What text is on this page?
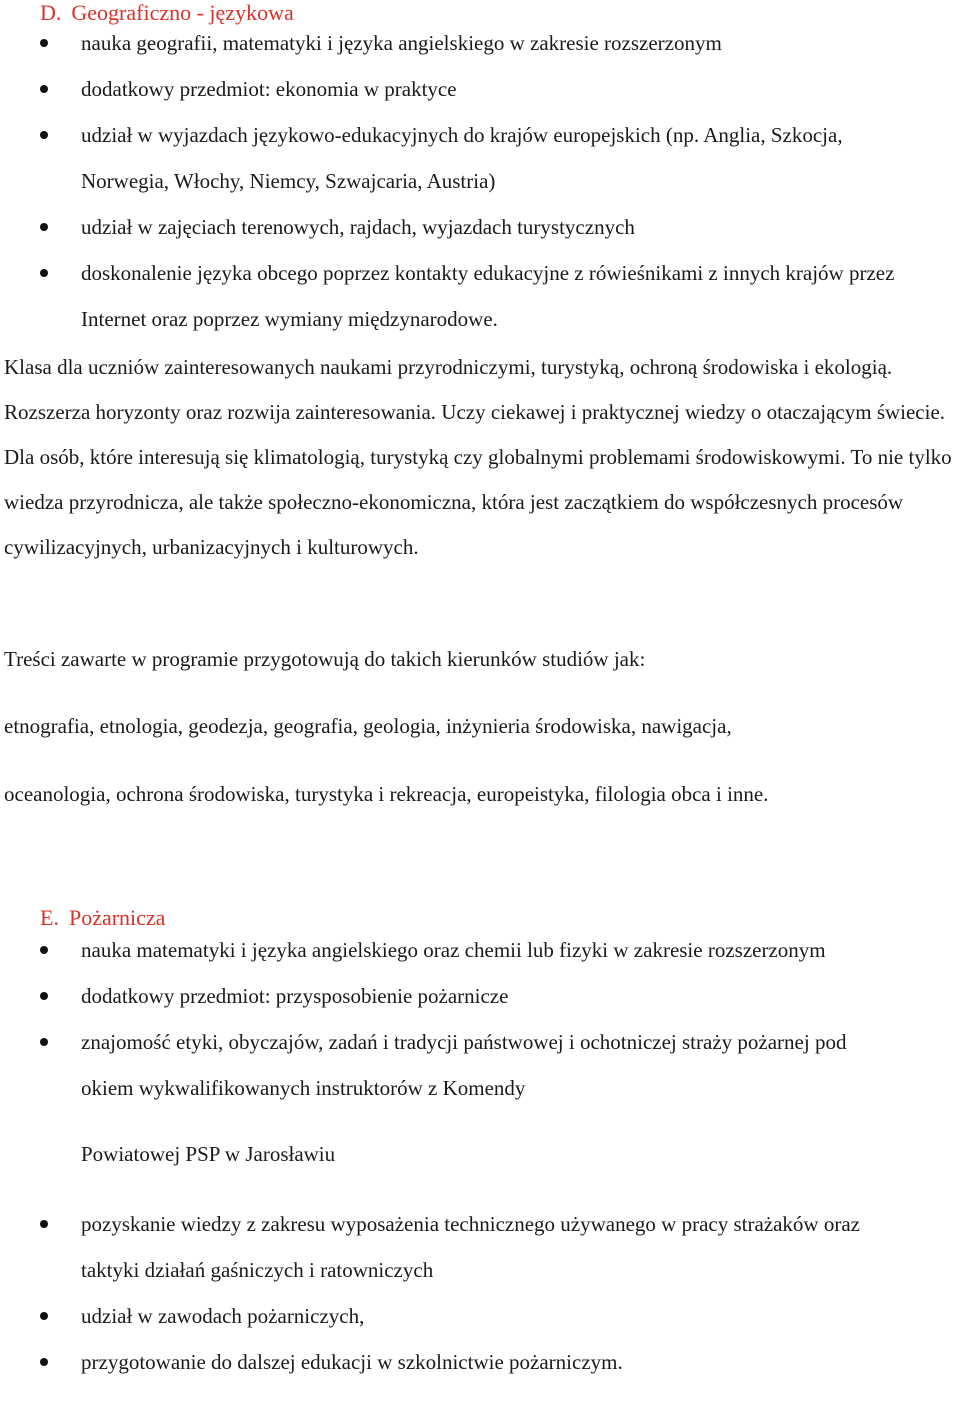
D. Geograficzno - językowa
nauka geografii, matematyki i języka angielskiego w zakresie rozszerzonym
dodatkowy przedmiot: ekonomia w praktyce
udział w wyjazdach językowo-edukacyjnych do krajów europejskich (np. Anglia, Szkocja, Norwegia, Włochy, Niemcy, Szwajcaria, Austria)
udział w zajęciach terenowych, rajdach, wyjazdach turystycznych
doskonalenie języka obcego poprzez kontakty edukacyjne z rówieśnikami z innych krajów przez Internet oraz poprzez wymiany międzynarodowe.
Klasa dla uczniów zainteresowanych naukami przyrodniczymi, turystyką, ochroną środowiska i ekologią. Rozszerza horyzonty oraz rozwija zainteresowania. Uczy ciekawej i praktycznej wiedzy o otaczającym świecie. Dla osób, które interesują się klimatologią, turystyką czy globalnymi problemami środowiskowymi. To nie tylko wiedza przyrodnicza, ale także społeczno-ekonomiczna, która jest zaczątkiem do współczesnych procesów cywilizacyjnych, urbanizacyjnych i kulturowych.
Treści zawarte w programie przygotowują do takich kierunków studiów jak:
etnografia, etnologia, geodezja, geografia, geologia, inżynieria środowiska, nawigacja,
oceanologia, ochrona środowiska, turystyka i rekreacja, europeistyka, filologia obca i inne.
E. Pożarnicza
nauka matematyki i języka angielskiego oraz chemii lub fizyki w zakresie rozszerzonym
dodatkowy przedmiot: przysposobienie pożarnicze
znajomość etyki, obyczajów, zadań i tradycji państwowej i ochotniczej straży pożarnej pod okiem wykwalifikowanych instruktorów z Komendy
Powiatowej PSP w Jarosławiu
pozyskanie wiedzy z zakresu wyposażenia technicznego używanego w pracy strażaków oraz taktyki działań gaśniczych i ratowniczych
udział w zawodach pożarniczych,
przygotowanie do dalszej edukacji w szkolnictwie pożarniczym.
